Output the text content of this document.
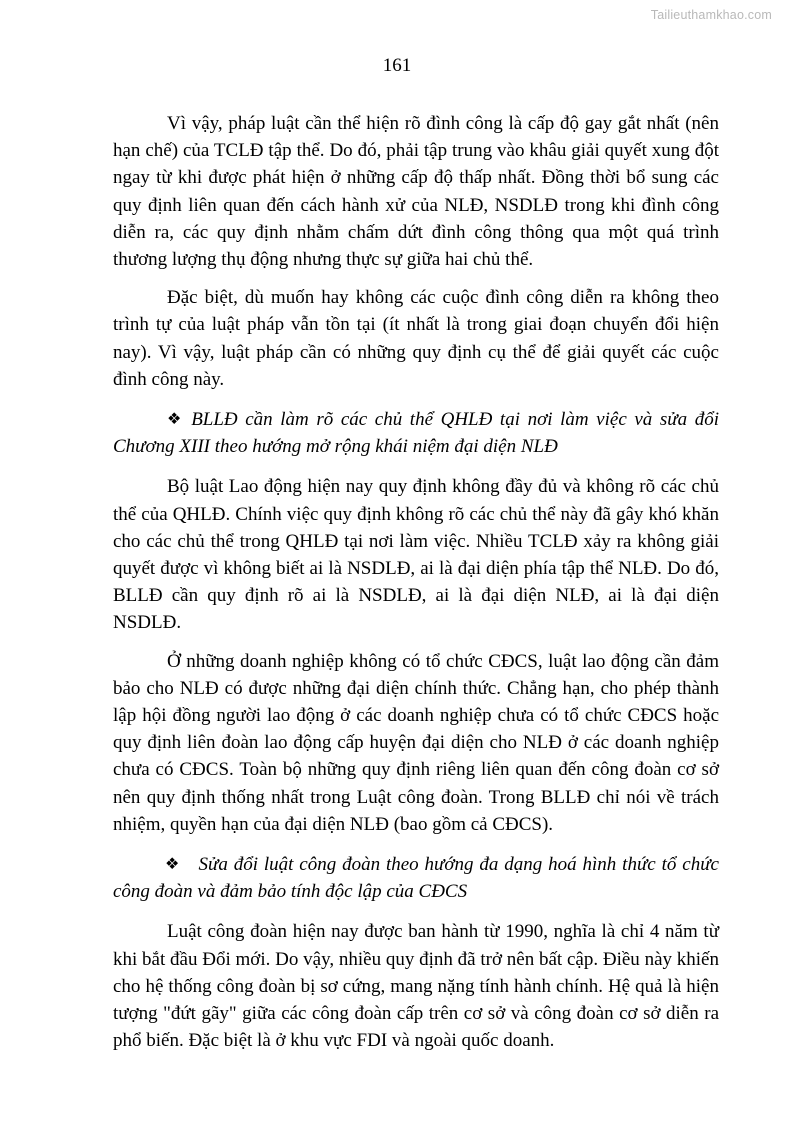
Tailieuthamkhao.com
161

Vì vậy, pháp luật cần thể hiện rõ đình công là cấp độ gay gắt nhất (nên hạn chế) của TCLĐ tập thể. Do đó, phải tập trung vào khâu giải quyết xung đột ngay từ khi được phát hiện ở những cấp độ thấp nhất. Đồng thời bổ sung các quy định liên quan đến cách hành xử của NLĐ, NSDLĐ trong khi đình công diễn ra, các quy định nhằm chấm dứt đình công thông qua một quá trình thương lượng thụ động nhưng thực sự giữa hai chủ thể.

Đặc biệt, dù muốn hay không các cuộc đình công diễn ra không theo trình tự của luật pháp vẫn tồn tại (ít nhất là trong giai đoạn chuyển đổi hiện nay). Vì vậy, luật pháp cần có những quy định cụ thể để giải quyết các cuộc đình công này.

❖ BLLĐ cần làm rõ các chủ thể QHLĐ tại nơi làm việc và sửa đổi Chương XIII theo hướng mở rộng khái niệm đại diện NLĐ

Bộ luật Lao động hiện nay quy định không đầy đủ và không rõ các chủ thể của QHLĐ. Chính việc quy định không rõ các chủ thể này đã gây khó khăn cho các chủ thể trong QHLĐ tại nơi làm việc. Nhiều TCLĐ xảy ra không giải quyết được vì không biết ai là NSDLĐ, ai là đại diện phía tập thể NLĐ. Do đó, BLLĐ cần quy định rõ ai là NSDLĐ, ai là đại diện NLĐ, ai là đại diện NSDLĐ.

Ở những doanh nghiệp không có tổ chức CĐCS, luật lao động cần đảm bảo cho NLĐ có được những đại diện chính thức. Chẳng hạn, cho phép thành lập hội đồng người lao động ở các doanh nghiệp chưa có tổ chức CĐCS hoặc quy định liên đoàn lao động cấp huyện đại diện cho NLĐ ở các doanh nghiệp chưa có CĐCS. Toàn bộ những quy định riêng liên quan đến công đoàn cơ sở nên quy định thống nhất trong Luật công đoàn. Trong BLLĐ chỉ nói về trách nhiệm, quyền hạn của đại diện NLĐ (bao gồm cả CĐCS).

❖ Sửa đổi luật công đoàn theo hướng đa dạng hoá hình thức tổ chức công đoàn và đảm bảo tính độc lập của CĐCS

Luật công đoàn hiện nay được ban hành từ 1990, nghĩa là chỉ 4 năm từ khi bắt đầu Đổi mới. Do vậy, nhiều quy định đã trở nên bất cập. Điều này khiến cho hệ thống công đoàn bị sơ cứng, mang nặng tính hành chính. Hệ quả là hiện tượng "đứt gãy" giữa các công đoàn cấp trên cơ sở và công đoàn cơ sở diễn ra phổ biến. Đặc biệt là ở khu vực FDI và ngoài quốc doanh.
